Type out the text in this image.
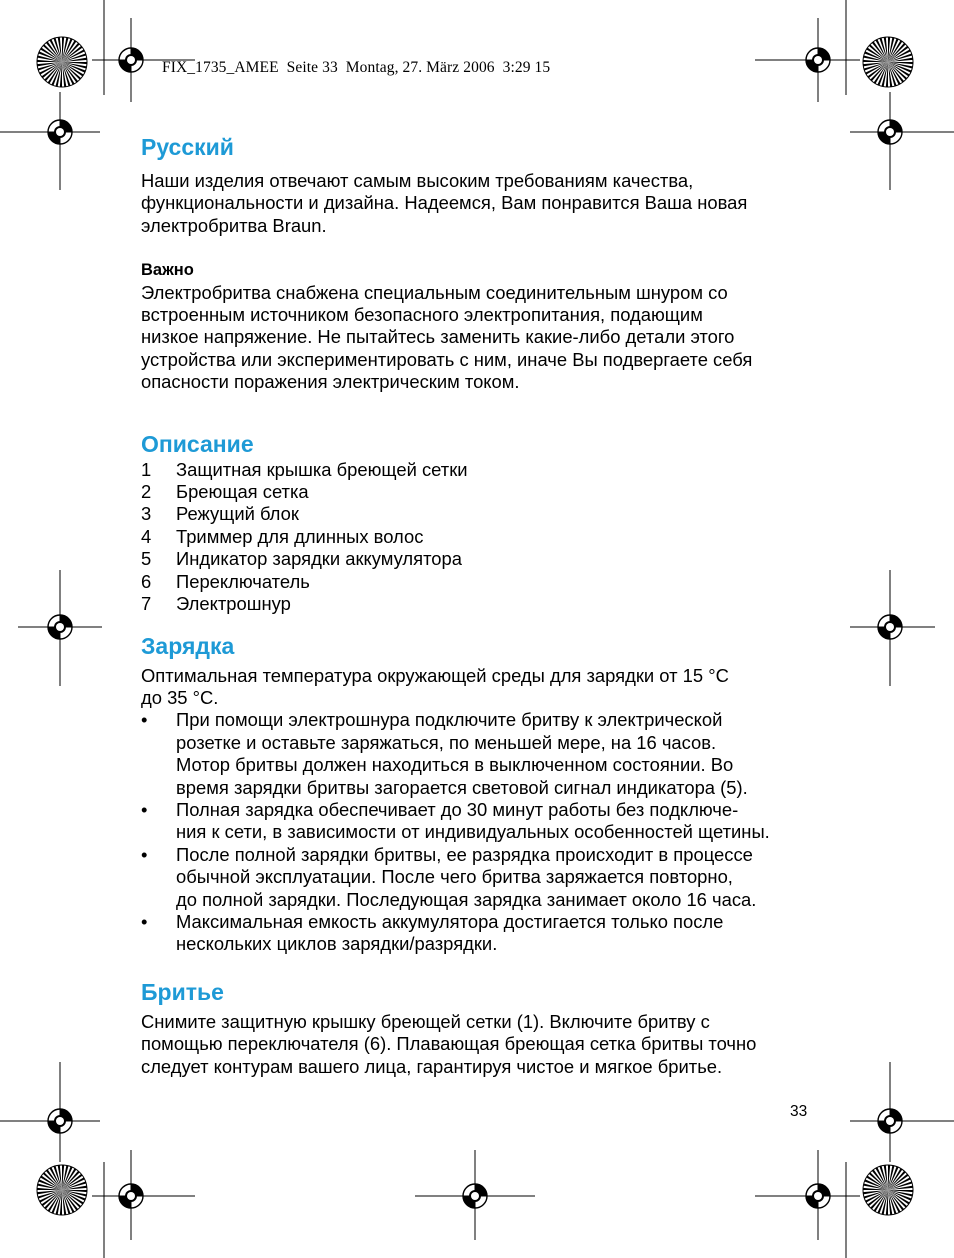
FIX_1735_AMEE  Seite 33  Montag, 27. März 2006  3:29 15
Русский

Наши изделия отвечают самым высоким требованиям качества,

функциональности и дизайна. Надеемся, Вам понравится Ваша новая

электробритва Braun.

Важно

Электробритва снабжена специальным соединительным шнуром со

встроенным источником безопасного электропитания, подающим

низкое напряжение. Не пытайтесь заменить какие-либо детали этого

устройства или экспериментировать с ним, иначе Вы подвергаете себя

опасности поражения электрическим током.

Описание
1	Защитная крышка бреющей сетки
2	Бреющая сетка
3	Режущий блок
4	Триммер для длинных волос
5	Индикатор зарядки аккумулятора
6	Переключатель
7	Электрошнур
Зарядка

Оптимальная температура окружающей среды для зарядки от 15 °C

до 35 °C.

•	При помощи электрошнура подключите бритву к электрической
розетке и оставьте заряжаться, по меньшей мере, на 16 часов.
Мотор бритвы должен находиться в выключенном состоянии. Во
время зарядки бритвы загорается световой сигнал индикатора (5).
•	Полная зарядка обеспечивает до 30 минут работы без подключе-
ния к сети, в зависимости от индивидуальных особенностей щетины.
•	После полной зарядки бритвы, ее разрядка происходит в процессе
обычной эксплуатации. После чего бритва заряжается повторно,
до полной зарядки. Последующая зарядка занимает около 16 часа.
•	Максимальная емкость аккумулятора достигается только после
нескольких циклов зарядки/разрядки.
Бритье

Снимите защитную крышку бреющей сетки (1). Включите бритву с

помощью переключателя (6). Плавающая бреющая сетка бритвы точно

следует контурам вашего лица, гарантируя чистое и мягкое бритье.

33
